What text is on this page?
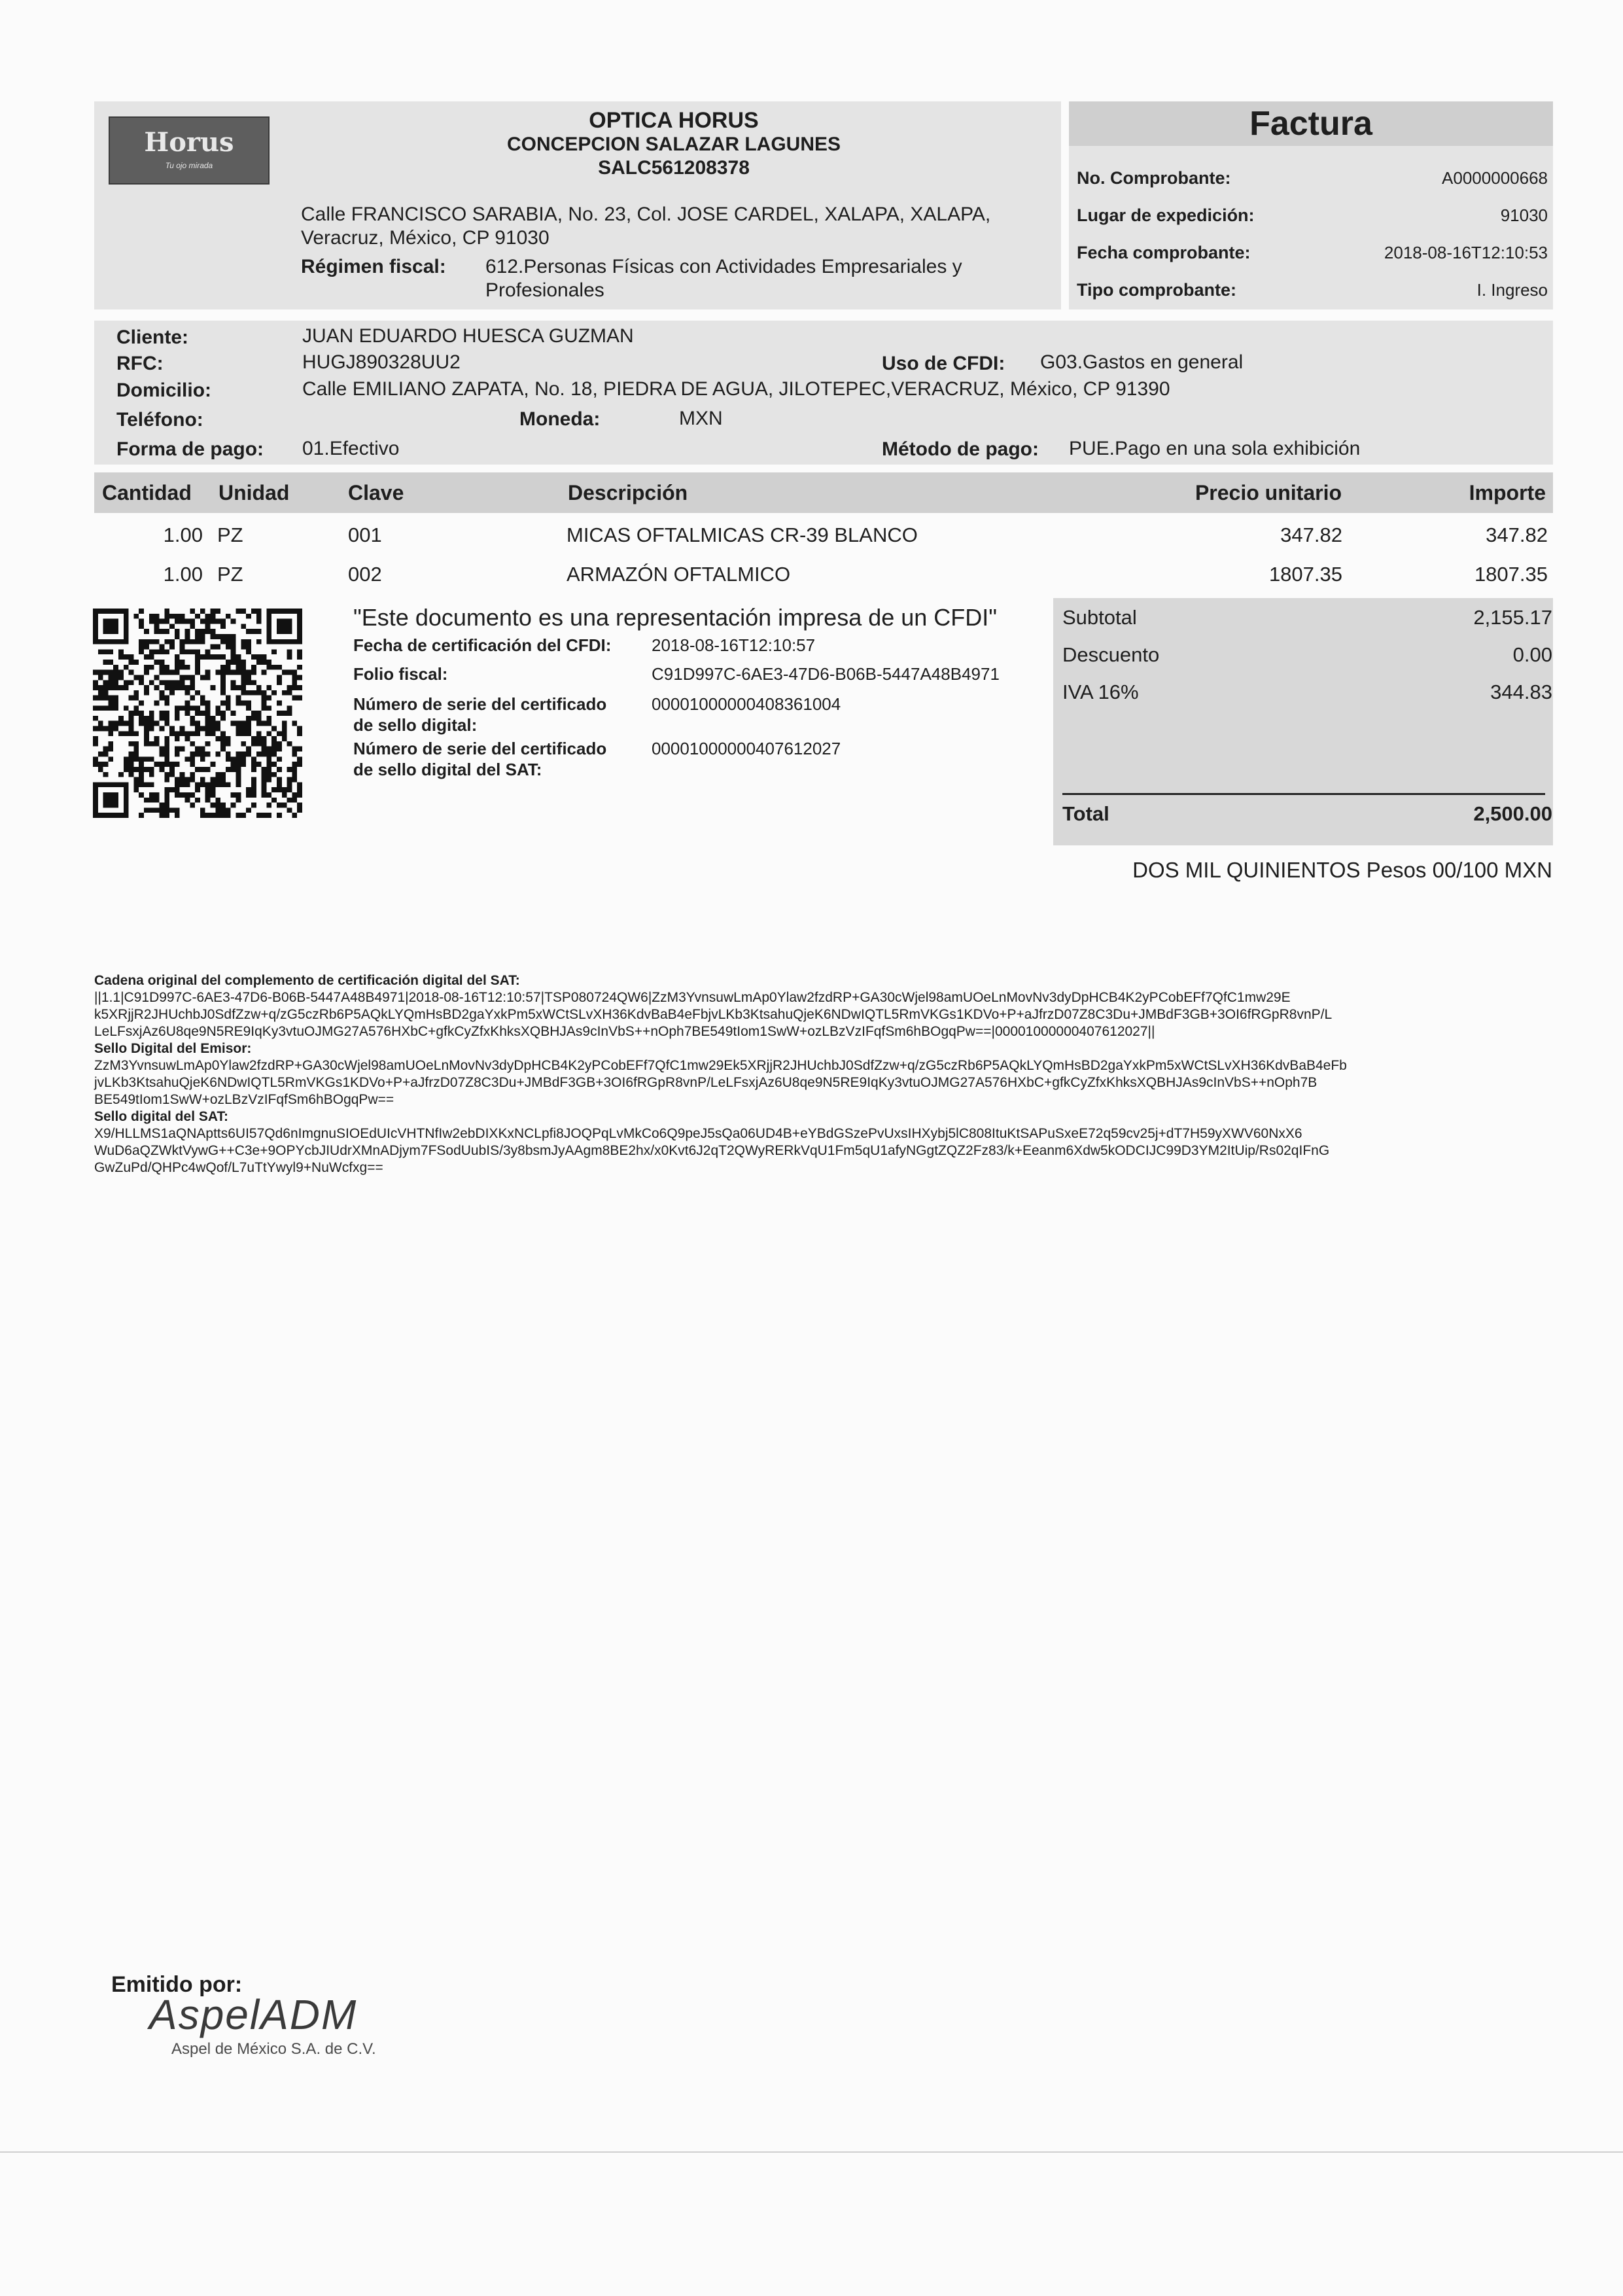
Horus
Tu ojo mirada
OPTICA HORUS
CONCEPCION SALAZAR LAGUNES
SALC561208378
Calle FRANCISCO SARABIA, No. 23, Col. JOSE CARDEL, XALAPA, XALAPA,
Veracruz, México, CP 91030
Régimen fiscal:	612.Personas Físicas con Actividades Empresariales y
Profesionales
Factura
No. Comprobante:	A0000000668
Lugar de expedición:	91030
Fecha comprobante:	2018-08-16T12:10:53
Tipo comprobante:	I. Ingreso
Cliente:	JUAN EDUARDO HUESCA GUZMAN
RFC:	HUGJ890328UU2	Uso de CFDI: G03.Gastos en general
Domicilio:	Calle EMILIANO ZAPATA, No. 18, PIEDRA DE AGUA, JILOTEPEC,VERACRUZ, México, CP 91390
Teléfono:	Moneda:	MXN
Forma de pago: 01.Efectivo	Método de pago: PUE.Pago en una sola exhibición
Cantidad Unidad	Clave	Descripción	Precio unitario	Importe
1.00 PZ	001	MICAS OFTALMICAS CR-39 BLANCO	347.82	347.82
1.00 PZ	002	ARMAZÓN OFTALMICO	1807.35	1807.35
"Este documento es una representación impresa de un CFDI"
Fecha de certificación del CFDI:	2018-08-16T12:10:57
Folio fiscal:	C91D997C-6AE3-47D6-B06B-5447A48B4971
Número de serie del certificado
de sello digital:
00001000000408361004
Número de serie del certificado
de sello digital del SAT:
00001000000407612027
Subtotal	2,155.17
Descuento	0.00
IVA 16%	344.83
Total	2,500.00
DOS MIL QUINIENTOS Pesos 00/100 MXN
Cadena original del complemento de certificación digital del SAT:
||1.1|C91D997C-6AE3-47D6-B06B-5447A48B4971|2018-08-16T12:10:57|TSP080724QW6|ZzM3YvnsuwLmAp0Ylaw2fzdRP+GA30cWjel98amUOeLnMovNv3dyDpHCB4K2yPCobEFf7QfC1mw29E
k5XRjjR2JHUchbJ0SdfZzw+q/zG5czRb6P5AQkLYQmHsBD2gaYxkPm5xWCtSLvXH36KdvBaB4eFbjvLKb3KtsahuQjeK6NDwIQTL5RmVKGs1KDVo+P+aJfrzD07Z8C3Du+JMBdF3GB+3OI6fRGpR8vnP/L
LeLFsxjAz6U8qe9N5RE9IqKy3vtuOJMG27A576HXbC+gfkCyZfxKhksXQBHJAs9cInVbS++nOph7BE549tIom1SwW+ozLBzVzIFqfSm6hBOgqPw==|00001000000407612027||
Sello Digital del Emisor:
ZzM3YvnsuwLmAp0Ylaw2fzdRP+GA30cWjel98amUOeLnMovNv3dyDpHCB4K2yPCobEFf7QfC1mw29Ek5XRjjR2JHUchbJ0SdfZzw+q/zG5czRb6P5AQkLYQmHsBD2gaYxkPm5xWCtSLvXH36KdvBaB4eFb
jvLKb3KtsahuQjeK6NDwIQTL5RmVKGs1KDVo+P+aJfrzD07Z8C3Du+JMBdF3GB+3OI6fRGpR8vnP/LeLFsxjAz6U8qe9N5RE9IqKy3vtuOJMG27A576HXbC+gfkCyZfxKhksXQBHJAs9cInVbS++nOph7B
BE549tIom1SwW+ozLBzVzIFqfSm6hBOgqPw==
Sello digital del SAT:
X9/HLLMS1aQNAptts6UI57Qd6nImgnuSIOEdUIcVHTNfIw2ebDIXKxNCLpfi8JOQPqLvMkCo6Q9peJ5sQa06UD4B+eYBdGSzePvUxsIHXybj5lC808ItuKtSAPuSxeE72q59cv25j+dT7H59yXWV60NxX6
WuD6aQZWktVywG++C3e+9OPYcbJIUdrXMnADjym7FSodUubIS/3y8bsmJyAAgm8BE2hx/x0Kvt6J2qT2QWyRERkVqU1Fm5qU1afyNGgtZQZ2Fz83/k+Eeanm6Xdw5kODCIJC99D3YM2ItUip/Rs02qIFnG
GwZuPd/QHPc4wQof/L7uTtYwyl9+NuWcfxg==
Emitido por:
AspelADM
Aspel de México S.A. de C.V.
